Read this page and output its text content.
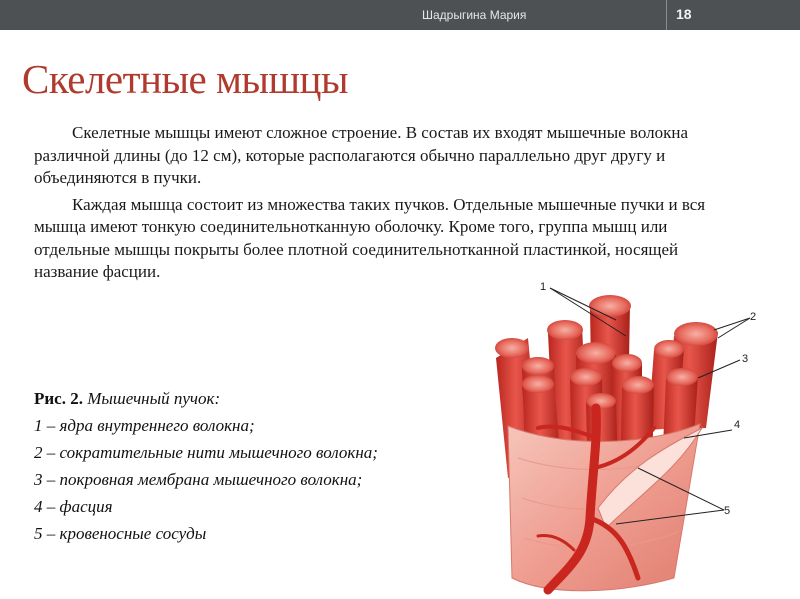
Шадрыгина Мария	18
Скелетные мышцы

Скелетные мышцы имеют сложное строение. В состав их входят мышечные волокна различной длины (до 12 см), которые располагаются обычно параллельно друг другу и объединяются в пучки.

Каждая мышца состоит из множества таких пучков. Отдельные мышечные пучки и вся мышца имеют тонкую соединительнотканную оболочку. Кроме того, группа мышц или отдельные мышцы покрыты более плотной соединительнотканной пластинкой, носящей название фасции.

Рис. 2. Мышечный пучок:
1 – ядра внутреннего волокна;
2 – сократительные нити мышечного волокна;
3 – покровная мембрана мышечного волокна;
4 – фасция
5 – кровеносные сосуды
1
2
3
4
5
